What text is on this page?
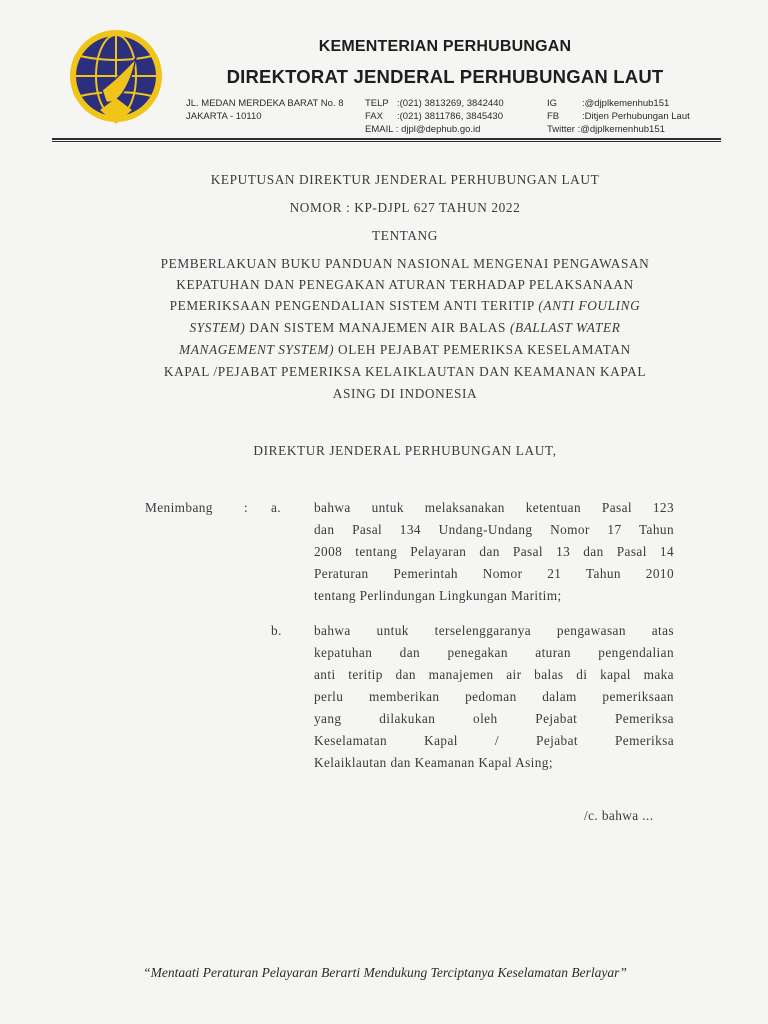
KEMENTERIAN PERHUBUNGAN
DIREKTORAT JENDERAL PERHUBUNGAN LAUT
JL. MEDAN MERDEKA BARAT No. 8
JAKARTA - 10110
TELP :(021) 3813269, 3842440
FAX :(021) 3811786, 3845430
EMAIL : djpl@dephub.go.id
IG	:@djplkemenhub151
FB :Ditjen Perhubungan Laut
Twitter :@djplkemenhub151
KEPUTUSAN DIREKTUR JENDERAL PERHUBUNGAN LAUT
NOMOR : KP-DJPL 627 TAHUN 2022
TENTANG
PEMBERLAKUAN BUKU PANDUAN NASIONAL MENGENAI PENGAWASAN
KEPATUHAN DAN PENEGAKAN ATURAN TERHADAP PELAKSANAAN
PEMERIKSAAN PENGENDALIAN SISTEM ANTI TERITIP (ANTI FOULING
SYSTEM) DAN SISTEM MANAJEMEN AIR BALAS (BALLAST WATER
MANAGEMENT SYSTEM) OLEH PEJABAT PEMERIKSA KESELAMATAN
KAPAL /PEJABAT PEMERIKSA KELAIKLAUTAN DAN KEAMANAN KAPAL
ASING DI INDONESIA
DIREKTUR JENDERAL PERHUBUNGAN LAUT,
Menimbang : a. bahwa untuk melaksanakan ketentuan Pasal 123
dan Pasal 134 Undang-Undang Nomor 17 Tahun
2008 tentang Pelayaran dan Pasal 13 dan Pasal 14
Peraturan Pemerintah Nomor 21 Tahun 2010
tentang Perlindungan Lingkungan Maritim;
b. bahwa untuk terselenggaranya pengawasan atas
kepatuhan dan penegakan aturan pengendalian
anti teritip dan manajemen air balas di kapal maka
perlu memberikan pedoman dalam pemeriksaan
yang dilakukan oleh Pejabat Pemeriksa
Keselamatan Kapal / Pejabat Pemeriksa
Kelaiklautan dan Keamanan Kapal Asing;
/c. bahwa ...
“Mentaati Peraturan Pelayaran Berarti Mendukung Terciptanya Keselamatan Berlayar”
